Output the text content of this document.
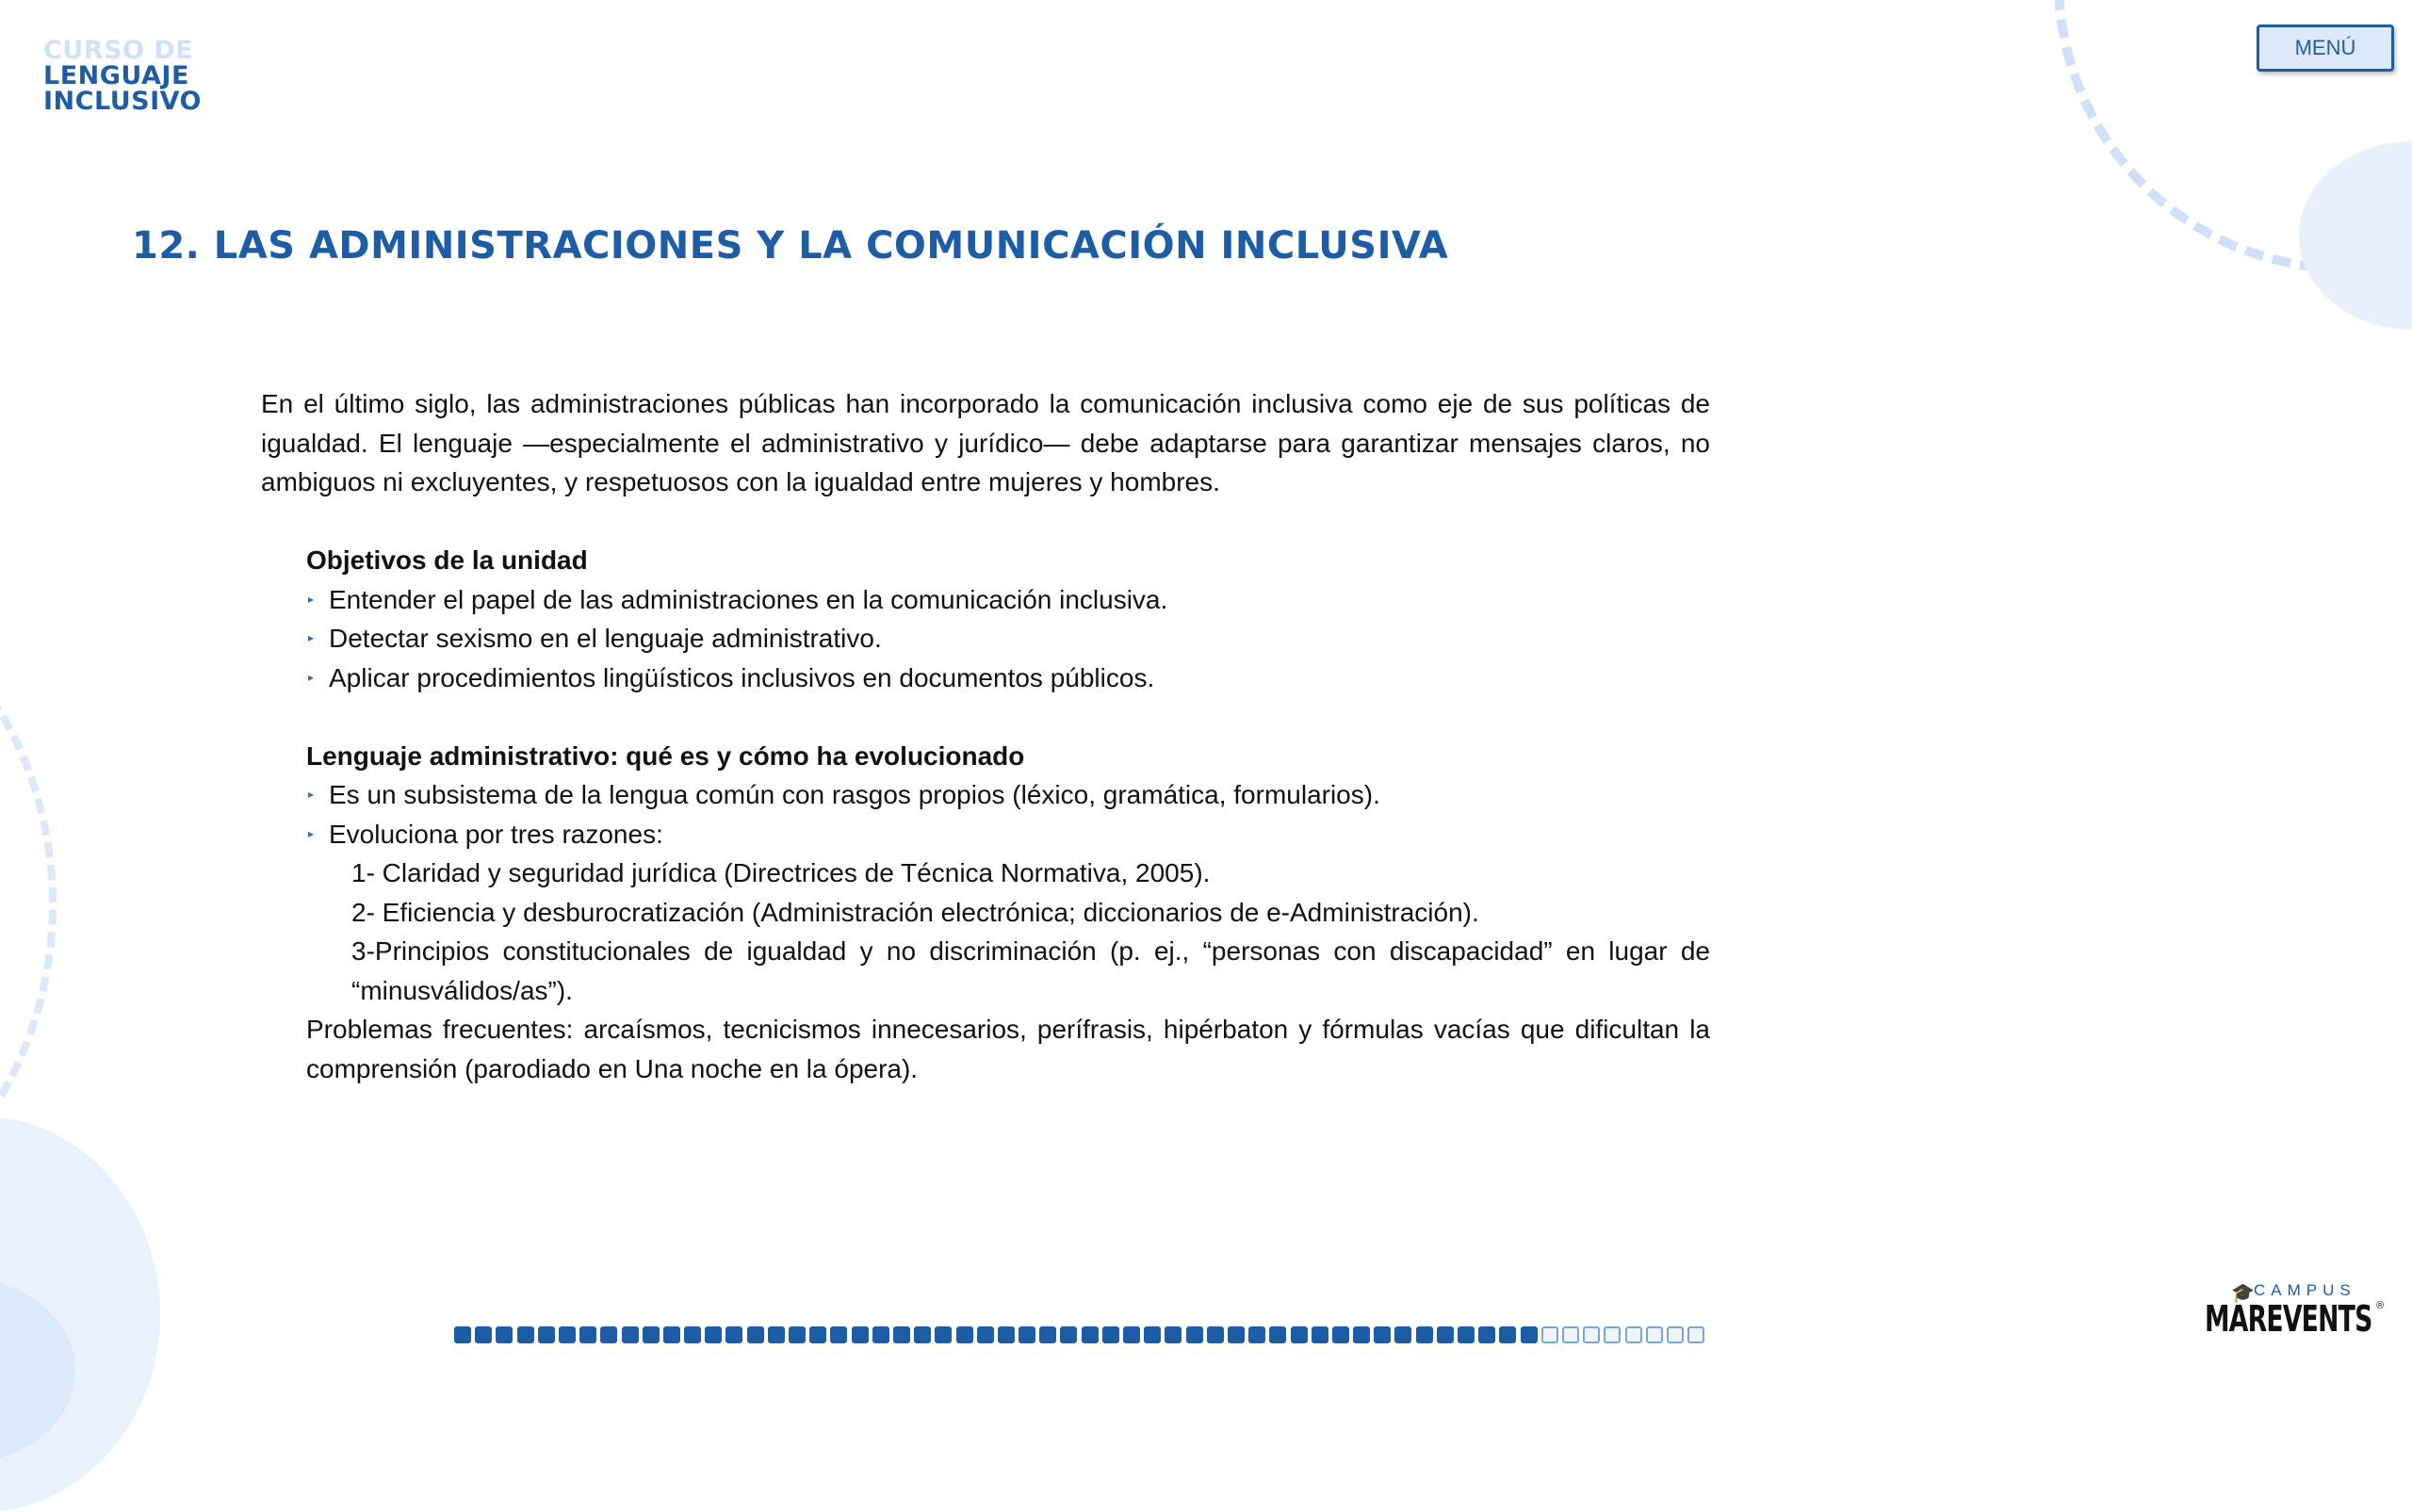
CURSO DE
LENGUAJE
INCLUSIVO
MENÚ
12. LAS ADMINISTRACIONES Y LA COMUNICACIÓN INCLUSIVA

En el último siglo, las administraciones públicas han incorporado la comunicación inclusiva como eje de sus políticas de igualdad. El lenguaje —especialmente el administrativo y jurídico— debe adaptarse para garantizar mensajes claros, no ambiguos ni excluyentes, y respetuosos con la igualdad entre mujeres y hombres.

Objetivos de la unidad

▸ Entender el papel de las administraciones en la comunicación inclusiva.

▸ Detectar sexismo en el lenguaje administrativo.

▸ Aplicar procedimientos lingüísticos inclusivos en documentos públicos.

Lenguaje administrativo: qué es y cómo ha evolucionado

▸ Es un subsistema de la lengua común con rasgos propios (léxico, gramática, formularios).

▸ Evoluciona por tres razones:

1- Claridad y seguridad jurídica (Directrices de Técnica Normativa, 2005).

2- Eficiencia y desburocratización (Administración electrónica; diccionarios de e-Administración).

3-Principios constitucionales de igualdad y no discriminación (p. ej., “personas con discapacidad” en lugar de “minusválidos/as”).

Problemas frecuentes: arcaísmos, tecnicismos innecesarios, perífrasis, hipérbaton y fórmulas vacías que dificultan la comprensión (parodiado en Una noche en la ópera).

🎓 CAMPUS
MAREVENTS ®
